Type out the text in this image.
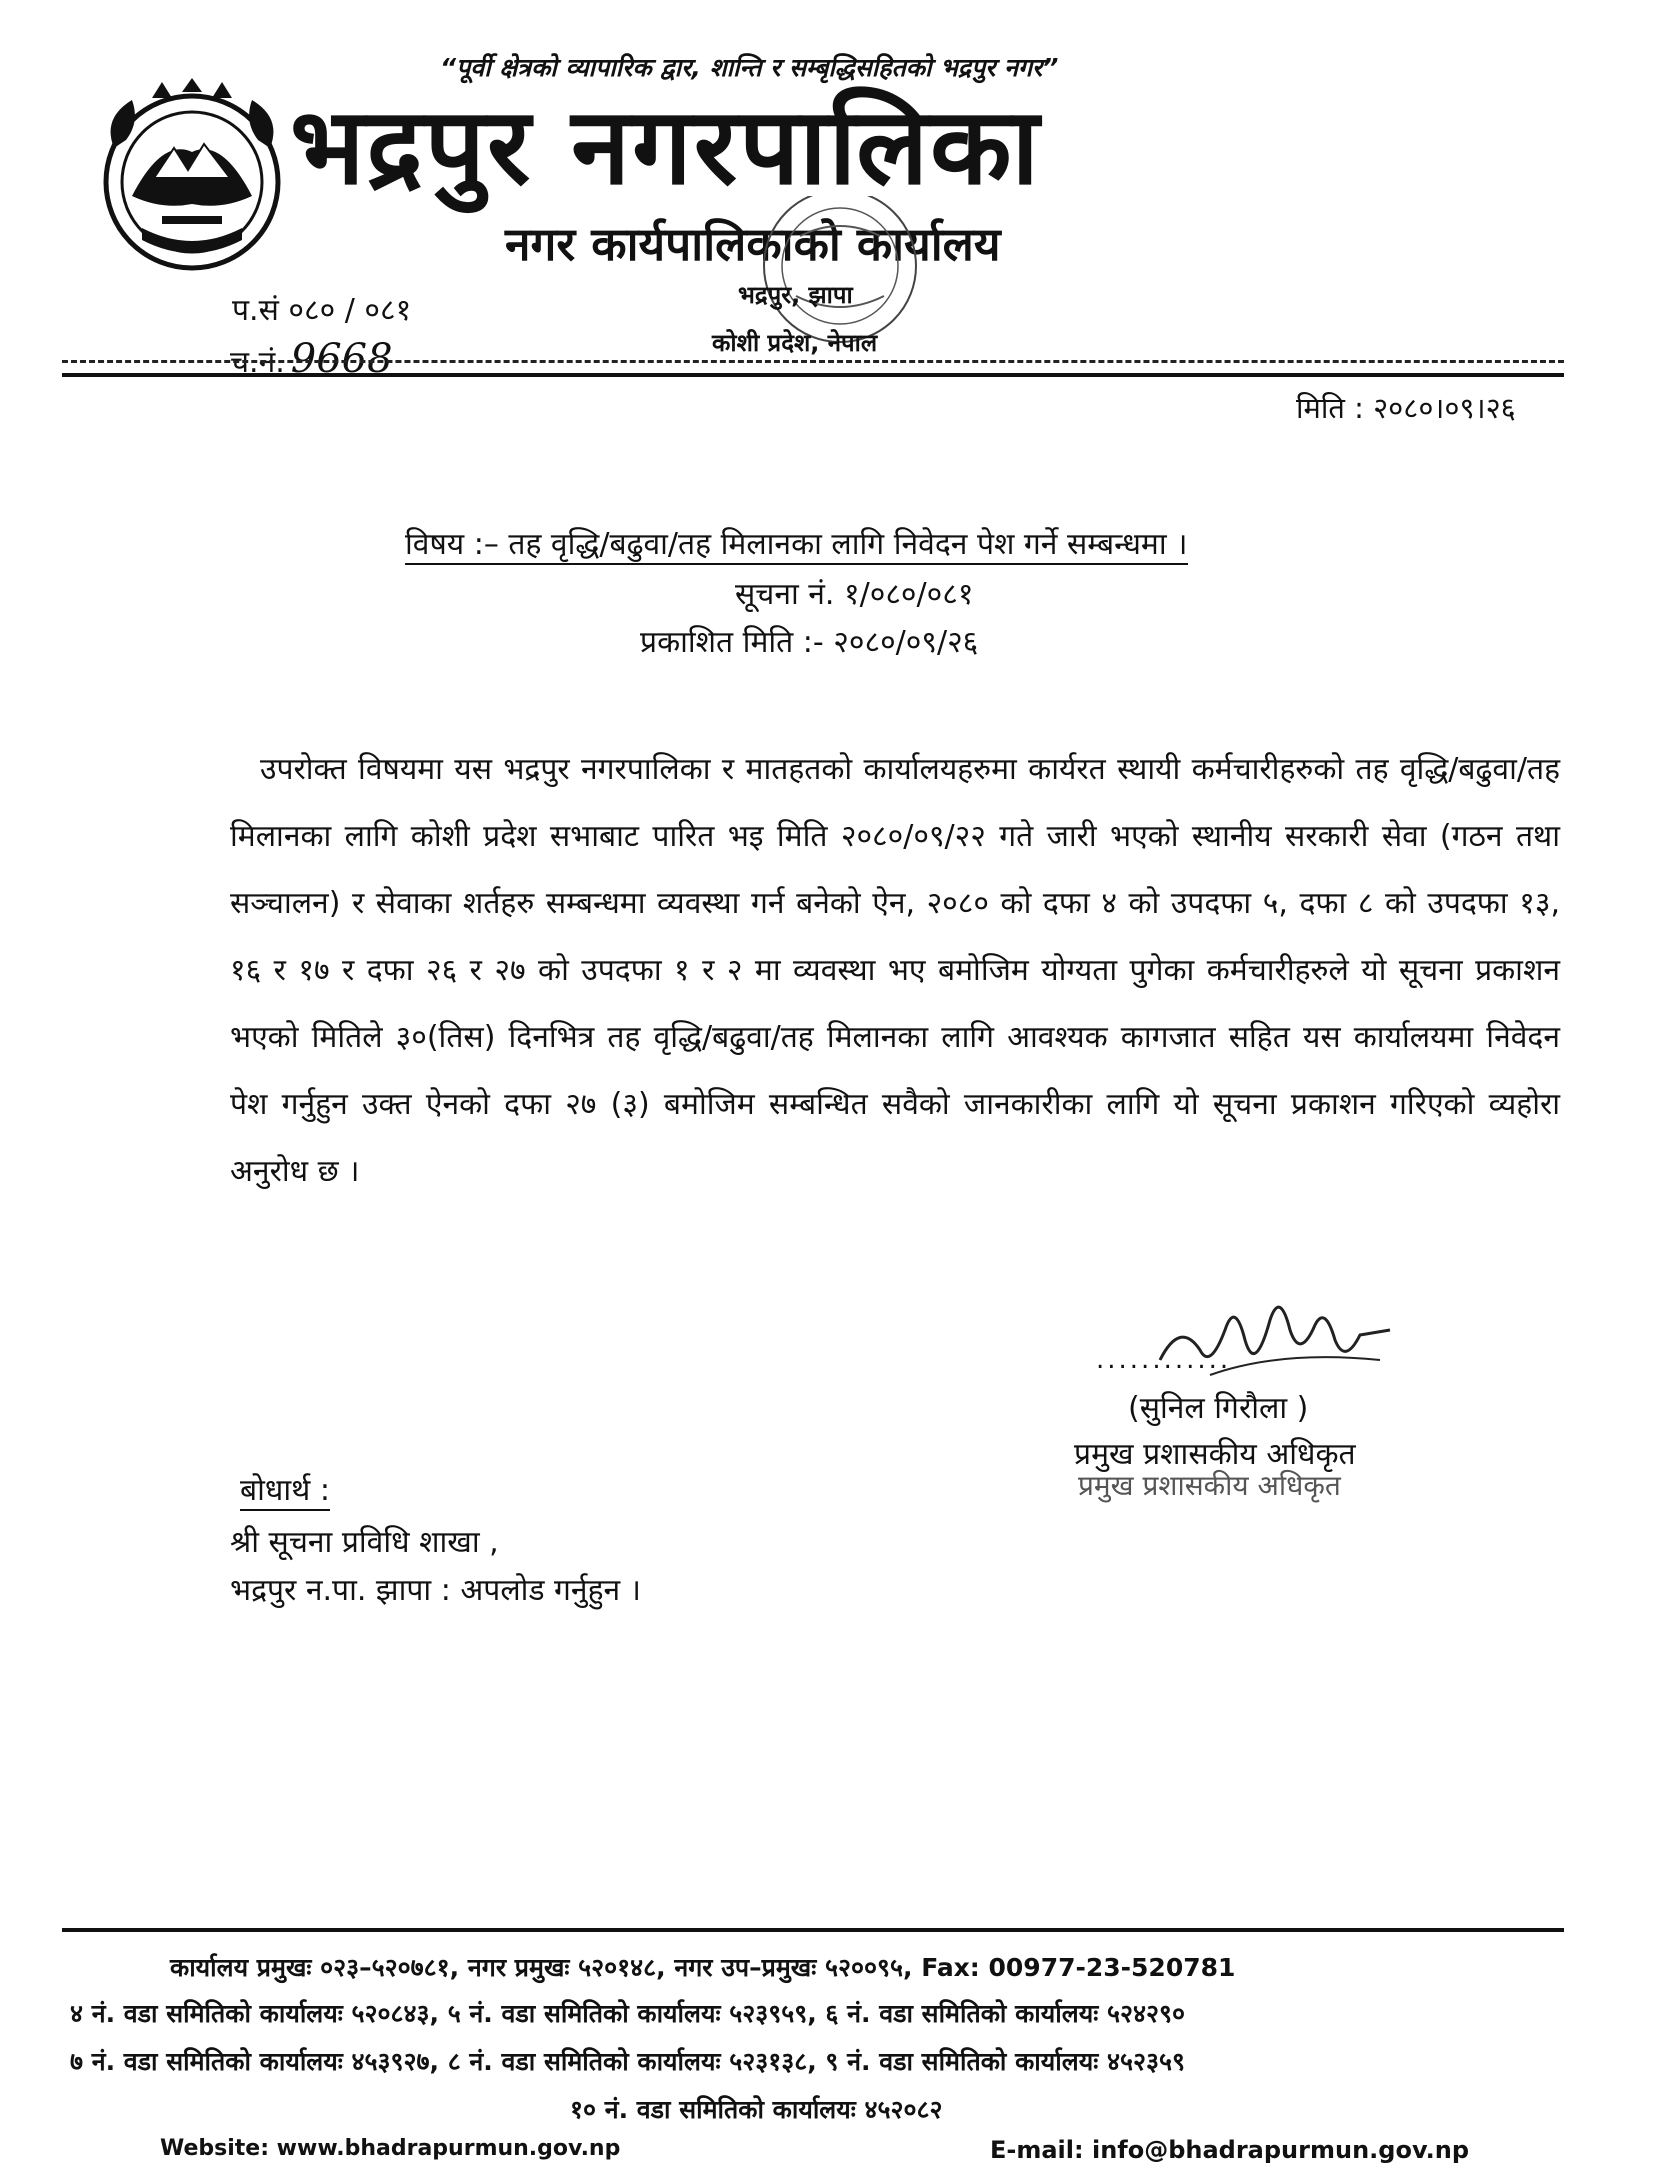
“पूर्वी क्षेत्रको व्यापारिक द्वार, शान्ति र सम्बृद्धिसहितको भद्रपुर नगर”
भद्रपुर नगरपालिका
नगर कार्यपालिकाको कार्यालय
भद्रपुर, झापा
कोशी प्रदेश, नेपाल
प.सं ०८० / ०८१
च.नं. 9668
मिति : २०८०।०९।२६
विषय :– तह वृद्धि/बढुवा/तह मिलानका लागि निवेदन पेश गर्ने सम्बन्धमा ।
सूचना नं. १/०८०/०८१
प्रकाशित मिति :- २०८०/०९/२६
उपरोक्त विषयमा यस भद्रपुर नगरपालिका र मातहतको कार्यालयहरुमा कार्यरत स्थायी कर्मचारीहरुको तह वृद्धि/बढुवा/तह मिलानका लागि कोशी प्रदेश सभाबाट पारित भइ मिति २०८०/०९/२२ गते जारी भएको स्थानीय सरकारी सेवा (गठन तथा सञ्चालन) र सेवाका शर्तहरु सम्बन्धमा व्यवस्था गर्न बनेको ऐन, २०८० को दफा ४ को उपदफा ५, दफा ८ को उपदफा १३, १६ र १७ र दफा २६ र २७ को उपदफा १ र २ मा व्यवस्था भए बमोजिम योग्यता पुगेका कर्मचारीहरुले यो सूचना प्रकाशन भएको मितिले ३०(तिस) दिनभित्र तह वृद्धि/बढुवा/तह मिलानका लागि आवश्यक कागजात सहित यस कार्यालयमा निवेदन पेश गर्नुहुन उक्त ऐनको दफा २७ (३) बमोजिम सम्बन्धित सवैको जानकारीका लागि यो सूचना प्रकाशन गरिएको व्यहोरा अनुरोध छ ।
............
(सुनिल गिरौला )
प्रमुख प्रशासकीय अधिकृत
प्रमुख प्रशासकीय अधिकृत
बोधार्थ :
श्री सूचना प्रविधि शाखा ,
भद्रपुर न.पा. झापा : अपलोड गर्नुहुन ।
कार्यालय प्रमुखः ०२३–५२०७८१, नगर प्रमुखः ५२०१४८, नगर उप–प्रमुखः ५२००९५, Fax: 00977-23-520781
४ नं. वडा समितिको कार्यालयः ५२०८४३, ५ नं. वडा समितिको कार्यालयः ५२३९५९, ६ नं. वडा समितिको कार्यालयः ५२४२९०
७ नं. वडा समितिको कार्यालयः ४५३९२७, ८ नं. वडा समितिको कार्यालयः ५२३१३८, ९ नं. वडा समितिको कार्यालयः ४५२३५९
१० नं. वडा समितिको कार्यालयः ४५२०८२
Website: www.bhadrapurmun.gov.np	E-mail: info@bhadrapurmun.gov.np
